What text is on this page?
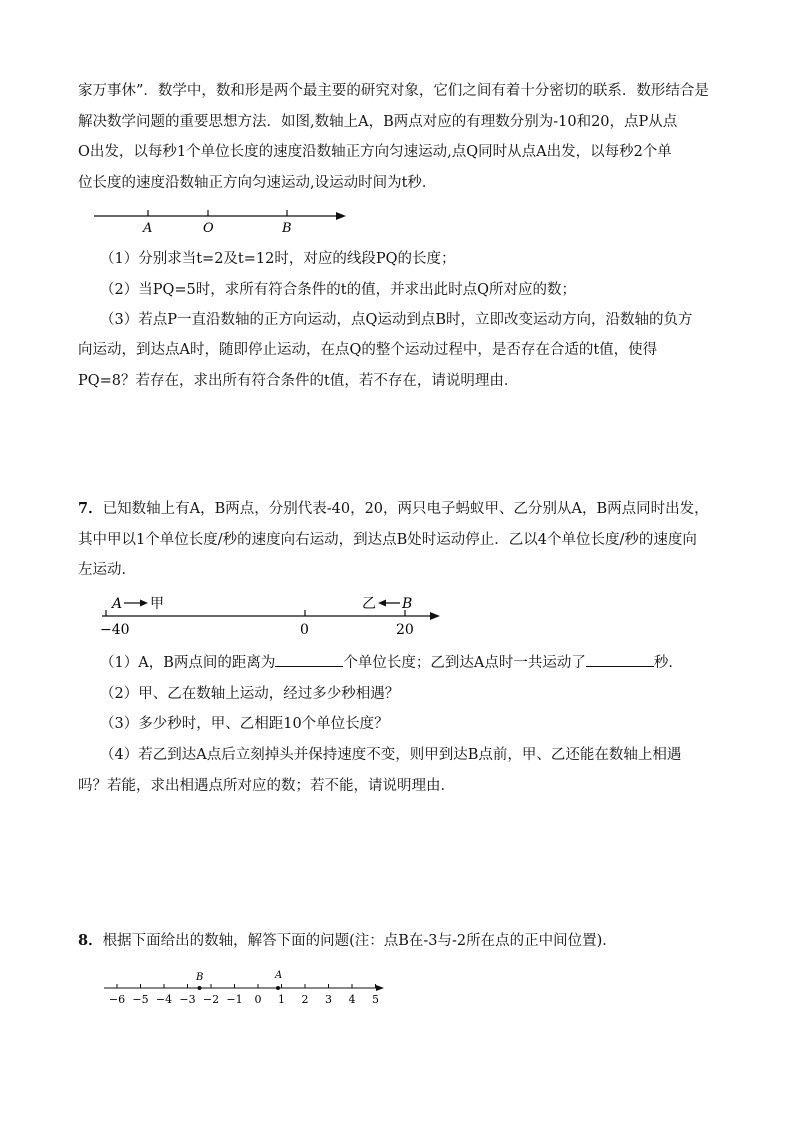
家万事休”．数学中，数和形是两个最主要的研究对象，它们之间有着十分密切的联系．数形结合是
解决数学问题的重要思想方法．如图,数轴上A，B两点对应的有理数分别为-10和20，点P从点
O出发，以每秒1个单位长度的速度沿数轴正方向匀速运动,点Q同时从点A出发，以每秒2个单
位长度的速度沿数轴正方向匀速运动,设运动时间为t秒．
A	O	B
（1）分别求当t=2及t=12时，对应的线段PQ的长度；
（2）当PQ=5时，求所有符合条件的t的值，并求出此时点Q所对应的数；
（3）若点P一直沿数轴的正方向运动，点Q运动到点B时，立即改变运动方向，沿数轴的负方
向运动，到达点A时，随即停止运动，在点Q的整个运动过程中，是否存在合适的t值，使得
PQ=8？若存在，求出所有符合条件的t值，若不存在，请说明理由．
7．已知数轴上有A，B两点，分别代表-40，20，两只电子蚂蚁甲、乙分别从A，B两点同时出发，
其中甲以1个单位长度/秒的速度向右运动，到达点B处时运动停止．乙以4个单位长度/秒的速度向
左运动．
A 甲	乙 B
−40	0	20
（1）A，B两点间的距离为	个单位长度；乙到达A点时一共运动了	秒．
（2）甲、乙在数轴上运动，经过多少秒相遇？
（3）多少秒时，甲、乙相距10个单位长度？
（4）若乙到达A点后立刻掉头并保持速度不变，则甲到达B点前，甲、乙还能在数轴上相遇
吗？若能，求出相遇点所对应的数；若不能，请说明理由．
8．根据下面给出的数轴，解答下面的问题(注：点B在-3与-2所在点的正中间位置)．
−6 −5 −4 −3 −2 −1 0 1 2 3 4 5
B	A
